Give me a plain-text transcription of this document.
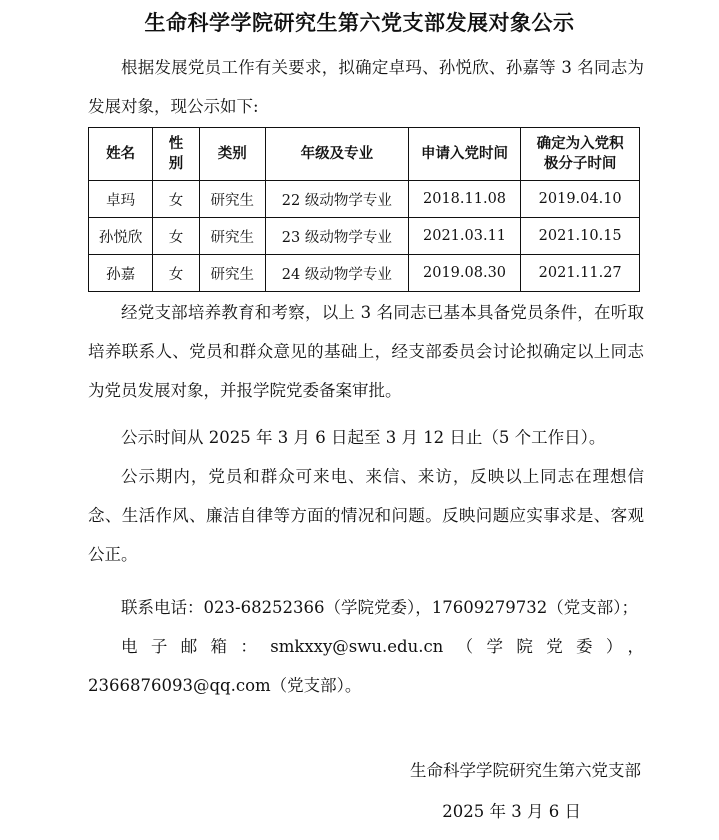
生命科学学院研究生第六党支部发展对象公示
根据发展党员工作有关要求，拟确定卓玛、孙悦欣、孙嘉等 3 名同志为发展对象，现公示如下:
姓名	性别	类别	年级及专业	申请入党时间	确定为入党积极分子时间
卓玛	女	研究生	22 级动物学专业	2018.11.08	2019.04.10
孙悦欣	女	研究生	23 级动物学专业	2021.03.11	2021.10.15
孙嘉	女	研究生	24 级动物学专业	2019.08.30	2021.11.27
经党支部培养教育和考察，以上 3 名同志已基本具备党员条件，在听取培养联系人、党员和群众意见的基础上，经支部委员会讨论拟确定以上同志为党员发展对象，并报学院党委备案审批。
公示时间从 2025 年 3 月 6 日起至 3 月 12 日止（5 个工作日）。
公示期内，党员和群众可来电、来信、来访，反映以上同志在理想信念、生活作风、廉洁自律等方面的情况和问题。反映问题应实事求是、客观公正。
联系电话：023-68252366（学院党委），17609279732（党支部）；
电子邮箱：smkxxy@swu.edu.cn（学院党委），2366876093@qq.com（党支部）。
生命科学学院研究生第六党支部
2025 年 3 月 6 日
